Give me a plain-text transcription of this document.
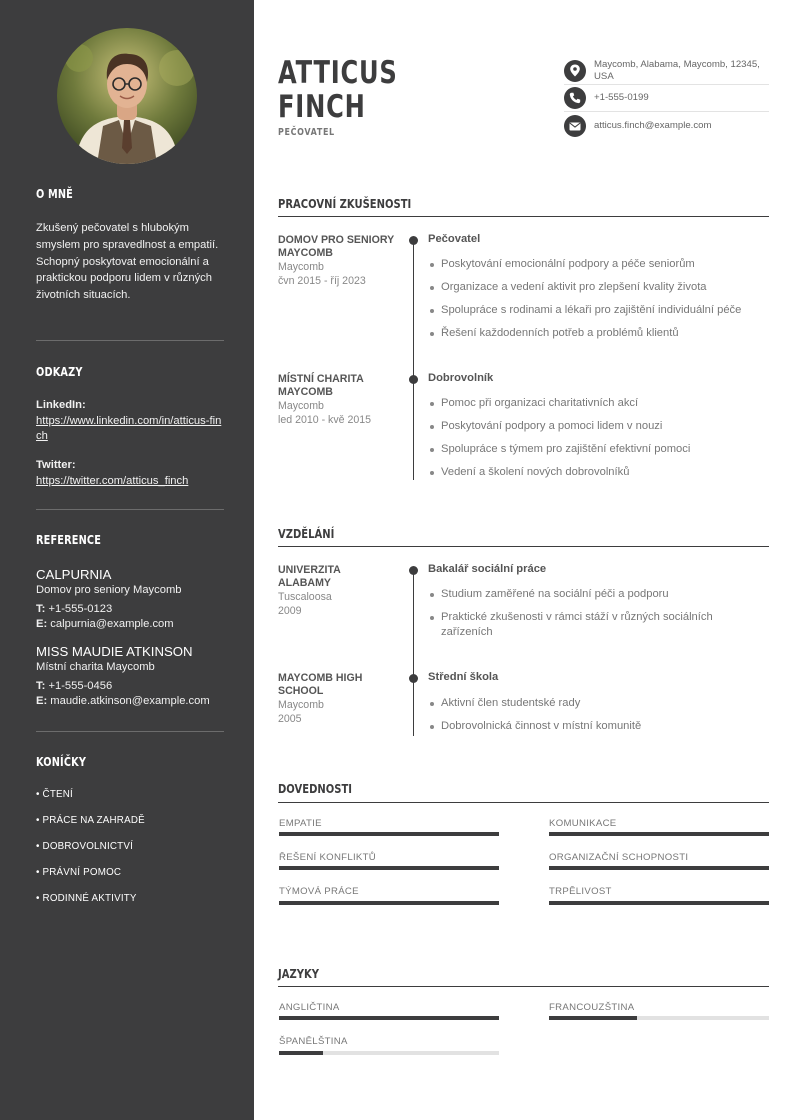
O MNĚ
Zkušený pečovatel s hlubokým smyslem pro spravedlnost a empatií. Schopný poskytovat emocionální a praktickou podporu lidem v různých životních situacích.
ODKAZY
LinkedIn:
https://www.linkedin.com/in/atticus-finch
Twitter:
https://twitter.com/atticus_finch
REFERENCE
CALPURNIA
Domov pro seniory Maycomb
T: +1-555-0123
E: calpurnia@example.com
MISS MAUDIE ATKINSON
Místní charita Maycomb
T: +1-555-0456
E: maudie.atkinson@example.com
KONÍČKY
• ČTENÍ
• PRÁCE NA ZAHRADĚ
• DOBROVOLNICTVÍ
• PRÁVNÍ POMOC
• RODINNÉ AKTIVITY
ATTICUS
FINCH
PEČOVATEL
Maycomb, Alabama, Maycomb, 12345, USA
+1-555-0199
atticus.finch@example.com
PRACOVNÍ ZKUŠENOSTI
DOMOV PRO SENIORY MAYCOMB
Maycomb
čvn 2015 - říj 2023
Pečovatel
Poskytování emocionální podpory a péče seniorům
Organizace a vedení aktivit pro zlepšení kvality života
Spolupráce s rodinami a lékaři pro zajištění individuální péče
Řešení každodenních potřeb a problémů klientů
MÍSTNÍ CHARITA MAYCOMB
Maycomb
led 2010 - kvě 2015
Dobrovolník
Pomoc při organizaci charitativních akcí
Poskytování podpory a pomoci lidem v nouzi
Spolupráce s týmem pro zajištění efektivní pomoci
Vedení a školení nových dobrovolníků
VZDĚLÁNÍ
UNIVERZITA ALABAMY
Tuscaloosa
2009
Bakalář sociální práce
Studium zaměřené na sociální péči a podporu
Praktické zkušenosti v rámci stáží v různých sociálních zařízeních
MAYCOMB HIGH SCHOOL
Maycomb
2005
Střední škola
Aktivní člen studentské rady
Dobrovolnická činnost v místní komunitě
DOVEDNOSTI
EMPATIE	KOMUNIKACE
ŘEŠENÍ KONFLIKTŮ	ORGANIZAČNÍ SCHOPNOSTI
TÝMOVÁ PRÁCE	TRPĚLIVOST
JAZYKY
ANGLIČTINA	FRANCOUZŠTINA
ŠPANĚLŠTINA
